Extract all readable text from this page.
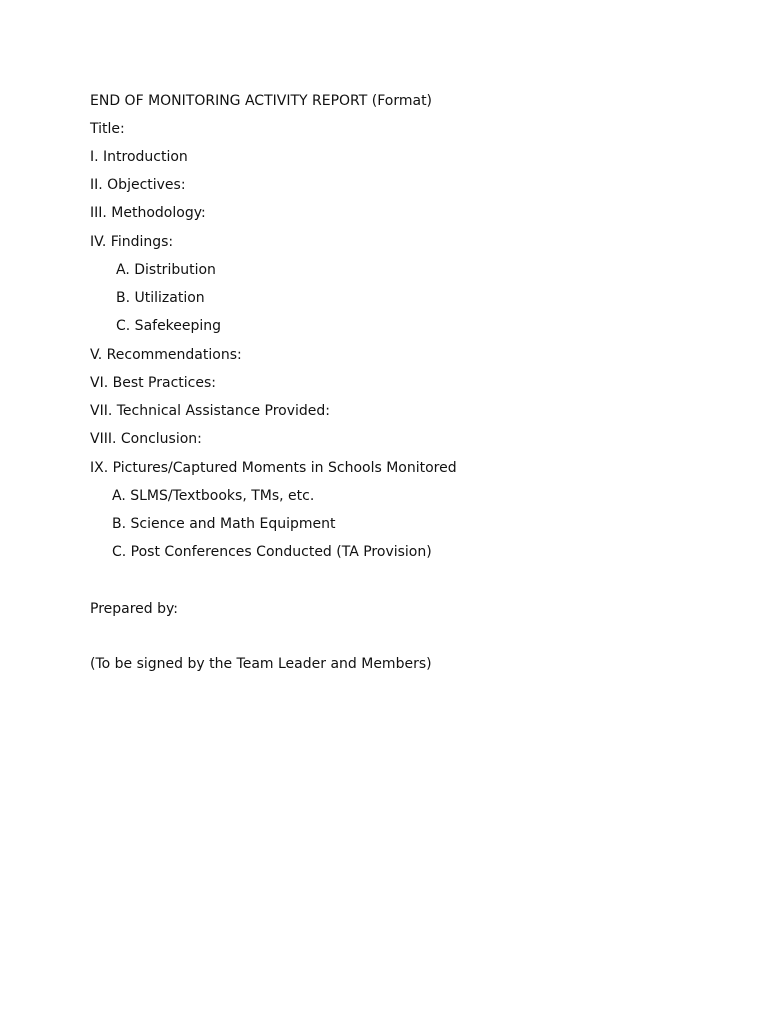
END OF MONITORING ACTIVITY REPORT (Format)
Title:
I. Introduction
II. Objectives:
III. Methodology:
IV. Findings:
A. Distribution
B. Utilization
C. Safekeeping
V. Recommendations:
VI. Best Practices:
VII. Technical Assistance Provided:
VIII. Conclusion:
IX. Pictures/Captured Moments in Schools Monitored
A. SLMS/Textbooks, TMs, etc.
B. Science and Math Equipment
C. Post Conferences Conducted (TA Provision)
Prepared by:
(To be signed by the Team Leader and Members)
